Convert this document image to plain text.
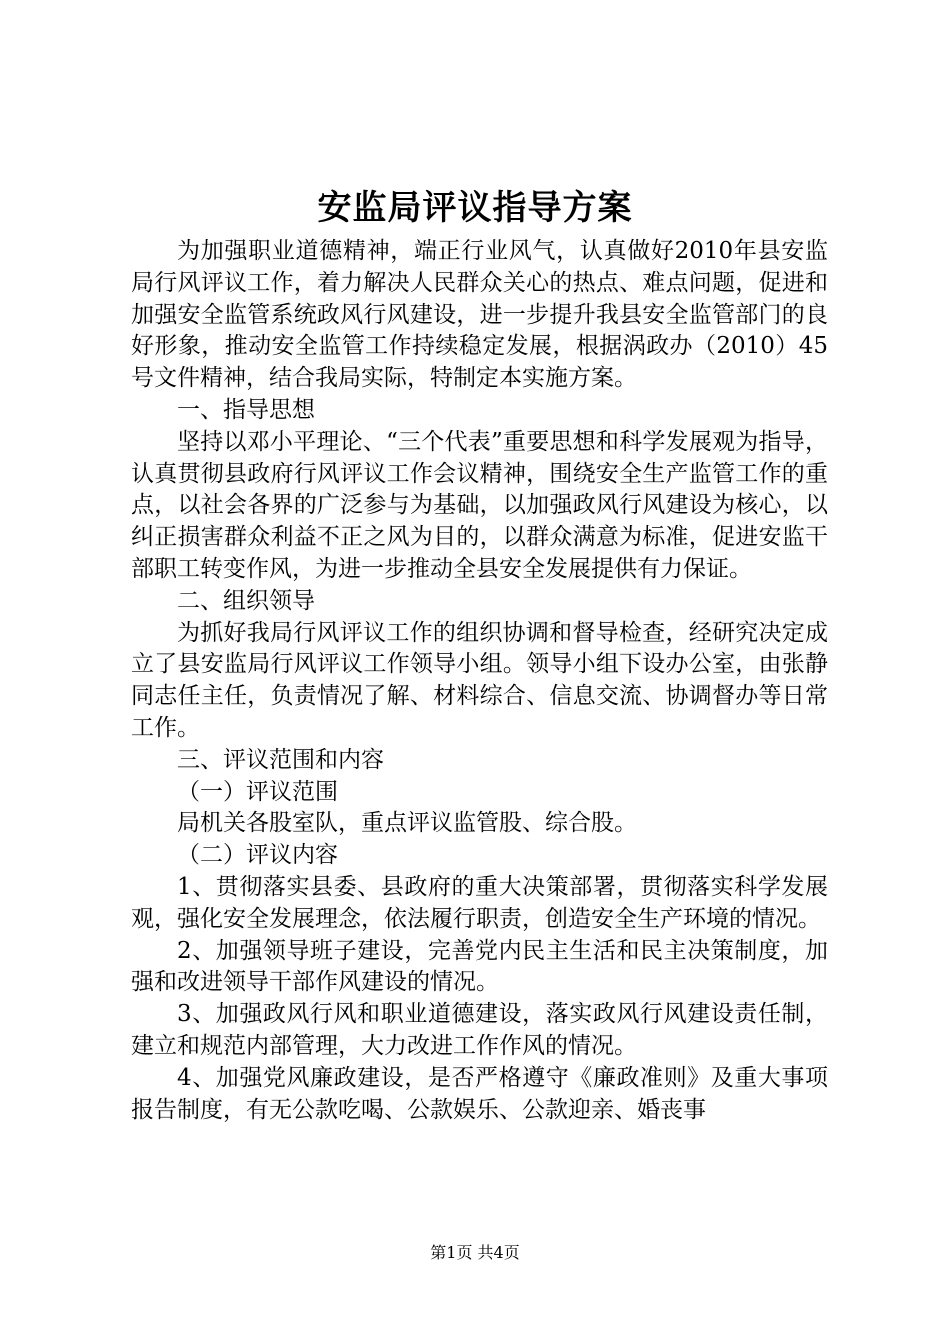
安监局评议指导方案

为加强职业道德精神，端正行业风气，认真做好2010年县安监局行风评议工作，着力解决人民群众关心的热点、难点问题，促进和加强安全监管系统政风行风建设，进一步提升我县安全监管部门的良好形象，推动安全监管工作持续稳定发展，根据涡政办（2010）45号文件精神，结合我局实际，特制定本实施方案。

一、指导思想

坚持以邓小平理论、“三个代表”重要思想和科学发展观为指导，认真贯彻县政府行风评议工作会议精神，围绕安全生产监管工作的重点，以社会各界的广泛参与为基础，以加强政风行风建设为核心，以纠正损害群众利益不正之风为目的，以群众满意为标准，促进安监干部职工转变作风，为进一步推动全县安全发展提供有力保证。

二、组织领导

为抓好我局行风评议工作的组织协调和督导检查，经研究决定成立了县安监局行风评议工作领导小组。领导小组下设办公室，由张静同志任主任，负责情况了解、材料综合、信息交流、协调督办等日常工作。

三、评议范围和内容

（一）评议范围

局机关各股室队，重点评议监管股、综合股。

（二）评议内容

1、贯彻落实县委、县政府的重大决策部署，贯彻落实科学发展观，强化安全发展理念，依法履行职责，创造安全生产环境的情况。

2、加强领导班子建设，完善党内民主生活和民主决策制度，加强和改进领导干部作风建设的情况。

3、加强政风行风和职业道德建设，落实政风行风建设责任制，建立和规范内部管理，大力改进工作作风的情况。

4、加强党风廉政建设，是否严格遵守《廉政准则》及重大事项报告制度，有无公款吃喝、公款娱乐、公款迎亲、婚丧事

第1页 共4页
